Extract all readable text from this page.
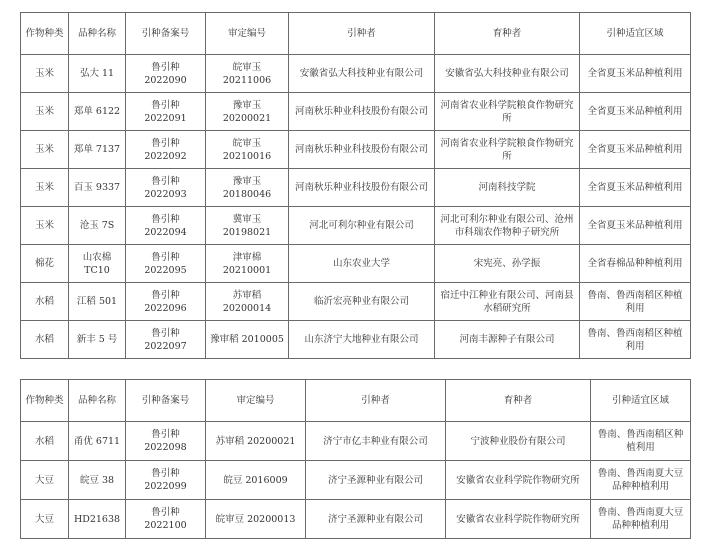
作物种类	品种名称	引种备案号	审定编号	引种者	育种者	引种适宜区域
玉米	弘大 11	鲁引种 2022090	皖审玉 20211006	安徽省弘大科技种业有限公司	安徽省弘大科技种业有限公司	全省夏玉米品种植利用
玉米	郑单 6122	鲁引种 2022091	豫审玉 20200021	河南秋乐种业科技股份有限公司	河南省农业科学院粮食作物研究所	全省夏玉米品种植利用
玉米	郑单 7137	鲁引种 2022092	皖审玉 20210016	河南秋乐种业科技股份有限公司	河南省农业科学院粮食作物研究所	全省夏玉米品种植利用
玉米	百玉 9337	鲁引种 2022093	豫审玉 20180046	河南秋乐种业科技股份有限公司	河南科技学院	全省夏玉米品种植利用
玉米	沧玉 7S	鲁引种 2022094	冀审玉 20198021	河北可利尔种业有限公司	河北可利尔种业有限公司、沧州市科瑞农作物种子研究所	全省夏玉米品种植利用
棉花	山农棉 TC10	鲁引种 2022095	津审棉 20210001	山东农业大学	宋宪亮、孙学振	全省春棉品种种植利用
水稻	江稻 501	鲁引种 2022096	苏审稻 20200014	临沂宏亮种业有限公司	宿迁中江种业有限公司、河南县水稻研究所	鲁南、鲁西南稻区种植利用
水稻	新丰 5 号	鲁引种 2022097	豫审稻 2010005	山东济宁大地种业有限公司	河南丰源种子有限公司	鲁南、鲁西南稻区种植利用
作物种类	品种名称	引种备案号	审定编号	引种者	育种者	引种适宜区域
水稻	甬优 6711	鲁引种 2022098	苏审稻 20200021	济宁市亿丰种业有限公司	宁波种业股份有限公司	鲁南、鲁西南稻区种植利用
大豆	皖豆 38	鲁引种 2022099	皖豆 2016009	济宁圣源种业有限公司	安徽省农业科学院作物研究所	鲁南、鲁西南夏大豆品种种植利用
大豆	HD21638	鲁引种 2022100	皖审豆 20200013	济宁圣源种业有限公司	安徽省农业科学院作物研究所	鲁南、鲁西南夏大豆品种种植利用
